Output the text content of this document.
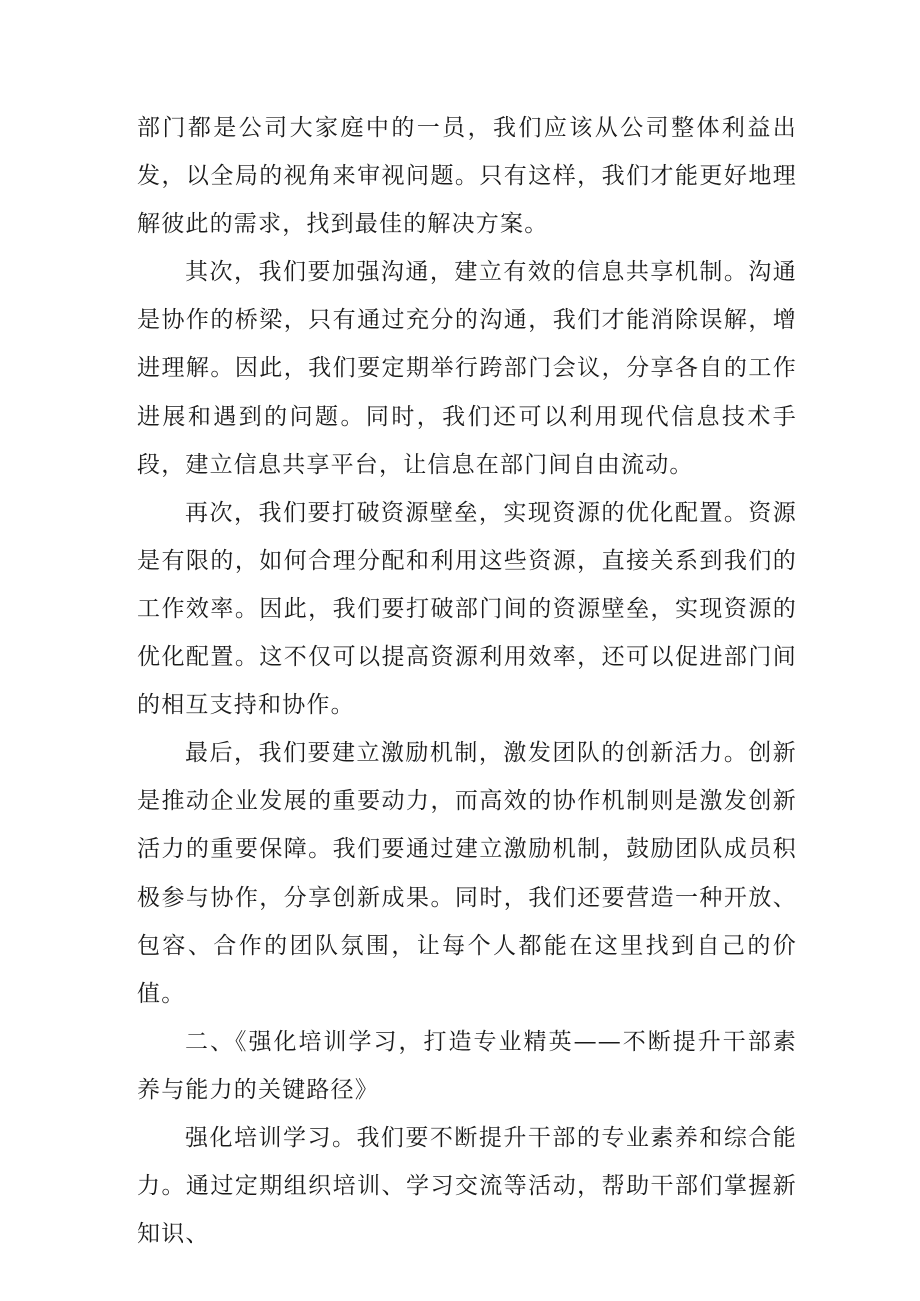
部门都是公司大家庭中的一员，我们应该从公司整体利益出发，以全局的视角来审视问题。只有这样，我们才能更好地理解彼此的需求，找到最佳的解决方案。

其次，我们要加强沟通，建立有效的信息共享机制。沟通是协作的桥梁，只有通过充分的沟通，我们才能消除误解，增进理解。因此，我们要定期举行跨部门会议，分享各自的工作进展和遇到的问题。同时，我们还可以利用现代信息技术手段，建立信息共享平台，让信息在部门间自由流动。

再次，我们要打破资源壁垒，实现资源的优化配置。资源是有限的，如何合理分配和利用这些资源，直接关系到我们的工作效率。因此，我们要打破部门间的资源壁垒，实现资源的优化配置。这不仅可以提高资源利用效率，还可以促进部门间的相互支持和协作。

最后，我们要建立激励机制，激发团队的创新活力。创新是推动企业发展的重要动力，而高效的协作机制则是激发创新活力的重要保障。我们要通过建立激励机制，鼓励团队成员积极参与协作，分享创新成果。同时，我们还要营造一种开放、包容、合作的团队氛围，让每个人都能在这里找到自己的价值。

二、《强化培训学习，打造专业精英——不断提升干部素养与能力的关键路径》

强化培训学习。我们要不断提升干部的专业素养和综合能力。通过定期组织培训、学习交流等活动，帮助干部们掌握新知识、
